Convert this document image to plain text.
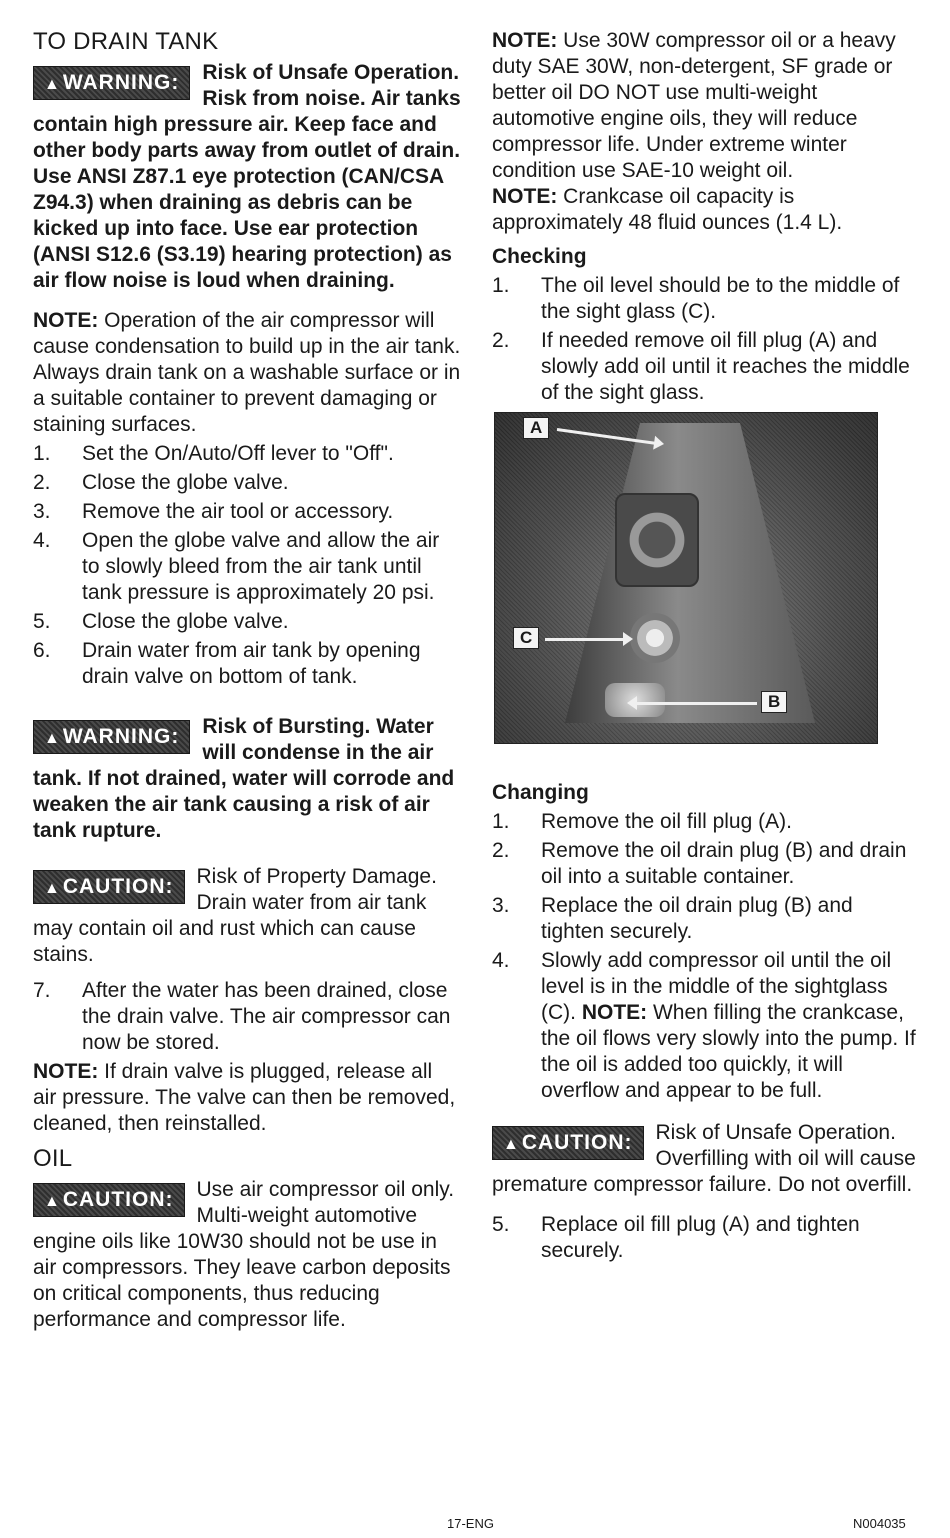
TO DRAIN TANK
▲WARNING:	Risk of Unsafe Operation. Risk from noise. Air tanks contain high pressure air. Keep face and other body parts away from outlet of drain. Use ANSI Z87.1 eye protection (CAN/CSA Z94.3) when draining as debris can be kicked up into face. Use ear protection (ANSI S12.6 (S3.19) hearing protection) as air flow noise is loud when draining.

NOTE: Operation of the air compressor will cause condensation to build up in the air tank. Always drain tank on a washable surface or in a suitable container to prevent damaging or staining surfaces.

1. Set the On/Auto/Off lever to "Off".
2. Close the globe valve.
3. Remove the air tool or accessory.
4. Open the globe valve and allow the air to slowly bleed from the air tank until tank pressure is approximately 20 psi.
5. Close the globe valve.
6. Drain water from air tank by opening drain valve on bottom of tank.
▲WARNING:	Risk of Bursting. Water will condense in the air tank. If not drained, water will corrode and weaken the air tank causing a risk of air tank rupture.
▲CAUTION:	Risk of Property Damage. Drain water from air tank may contain oil and rust which can cause stains.
7. After the water has been drained, close the drain valve. The air compressor can now be stored.

NOTE: If drain valve is plugged, release all air pressure. The valve can then be removed, cleaned, then reinstalled.

OIL
▲CAUTION:	Use air compressor oil only. Multi-weight automotive engine oils like 10W30 should not be use in air compressors. They leave carbon deposits on critical components, thus reducing performance and compressor life.

NOTE: Use 30W compressor oil or a heavy duty SAE 30W, non-detergent, SF grade or better oil DO NOT use multi-weight automotive engine oils, they will reduce compressor life. Under extreme winter condition use SAE-10 weight oil.

NOTE: Crankcase oil capacity is approximately 48 fluid ounces (1.4 L).

Checking
1. The oil level should be to the middle of the sight glass (C).
2. If needed remove oil fill plug (A) and slowly add oil until it reaches the middle of the sight glass.
A
C
B
Changing
1. Remove the oil fill plug (A).
2. Remove the oil drain plug (B) and drain oil into a suitable container.
3. Replace the oil drain plug (B) and tighten securely.
4. Slowly add compressor oil until the oil level is in the middle of the sightglass (C). NOTE: When filling the crankcase, the oil flows very slowly into the pump. If the oil is added too quickly, it will overflow and appear to be full.
▲CAUTION:	Risk of Unsafe Operation. Overfilling with oil will cause premature compressor failure. Do not overfill.
5. Replace oil fill plug (A) and tighten securely.
17-ENG	N004035
